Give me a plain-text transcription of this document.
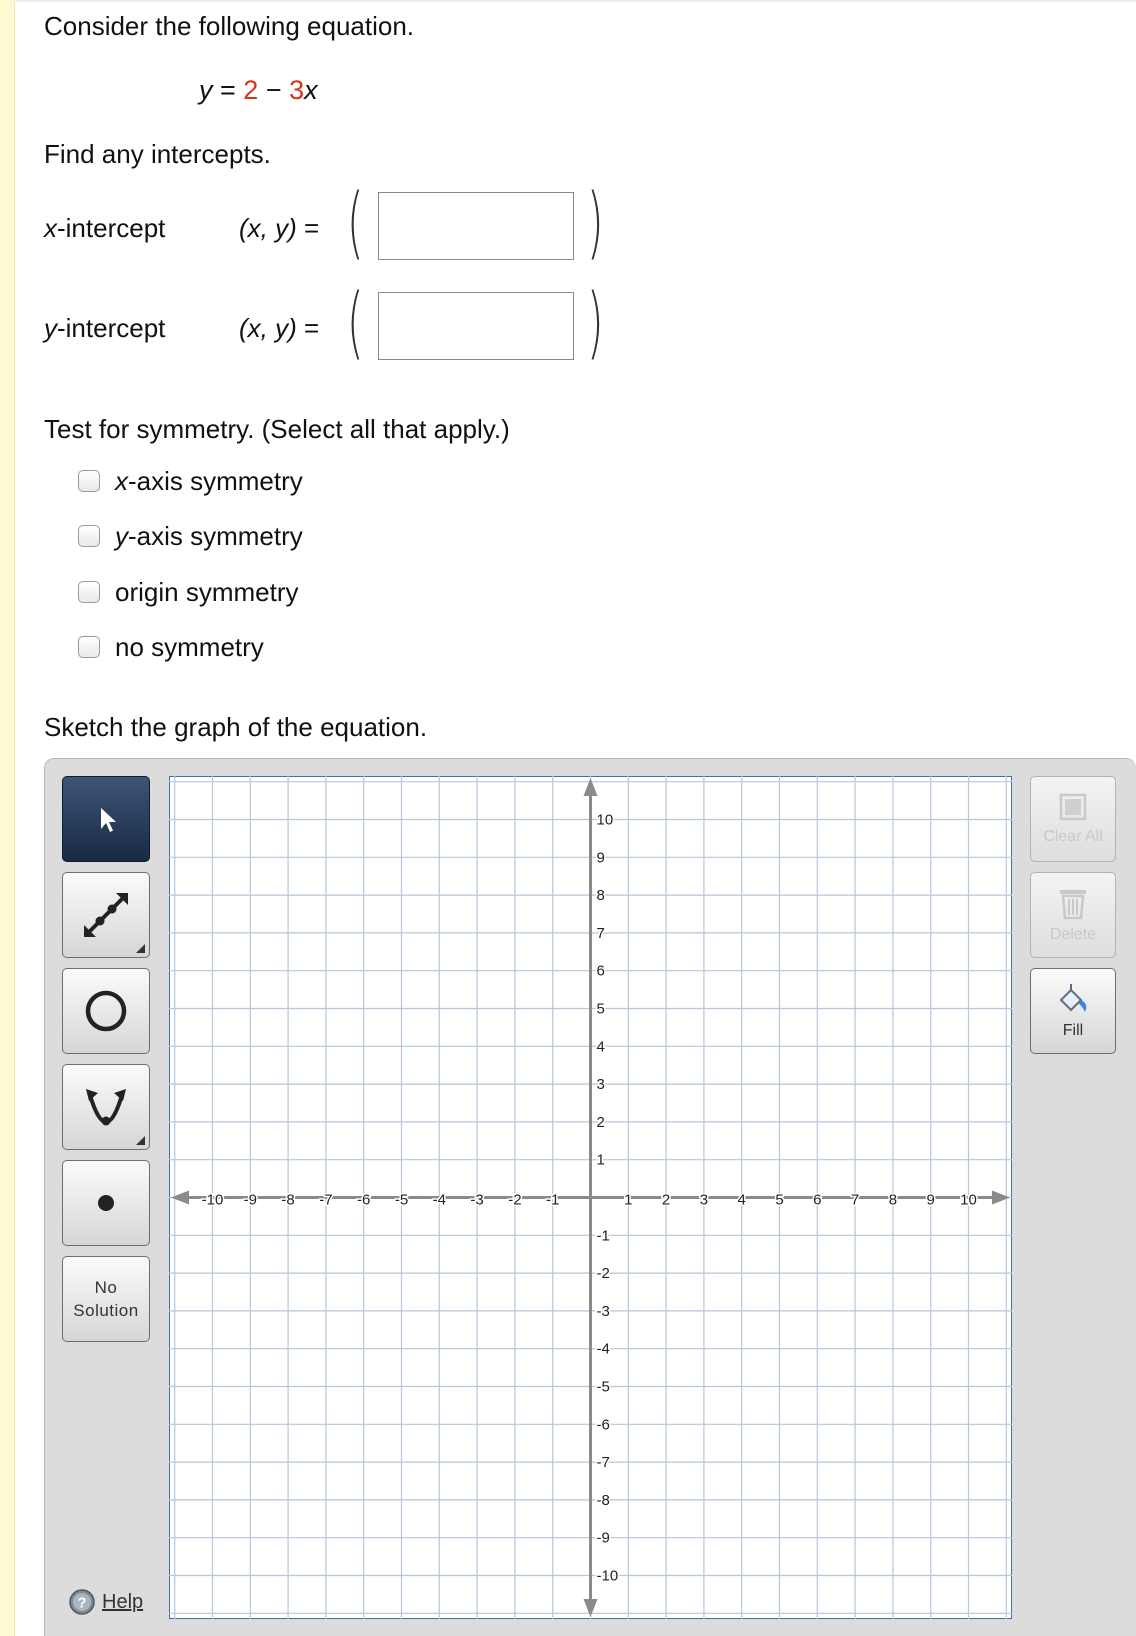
Consider the following equation.
y = 2 − 3x
Find any intercepts.
x-intercept	(x, y) = (	)
y-intercept	(x, y) = (	)
Test for symmetry. (Select all that apply.)
x-axis symmetry
y-axis symmetry
origin symmetry
no symmetry
Sketch the graph of the equation.
No
Solution
? Help
Clear All
Delete
Fill
-10 -9 -8 -7 -6 -5 -4 -3 -2 -1	1 2 3 4 5 6 7 8 9 10
-10
-9
-8
-7
-6
-5
-4
-3
-2
-1
1
2
3
4
5
6
7
8
9
10
